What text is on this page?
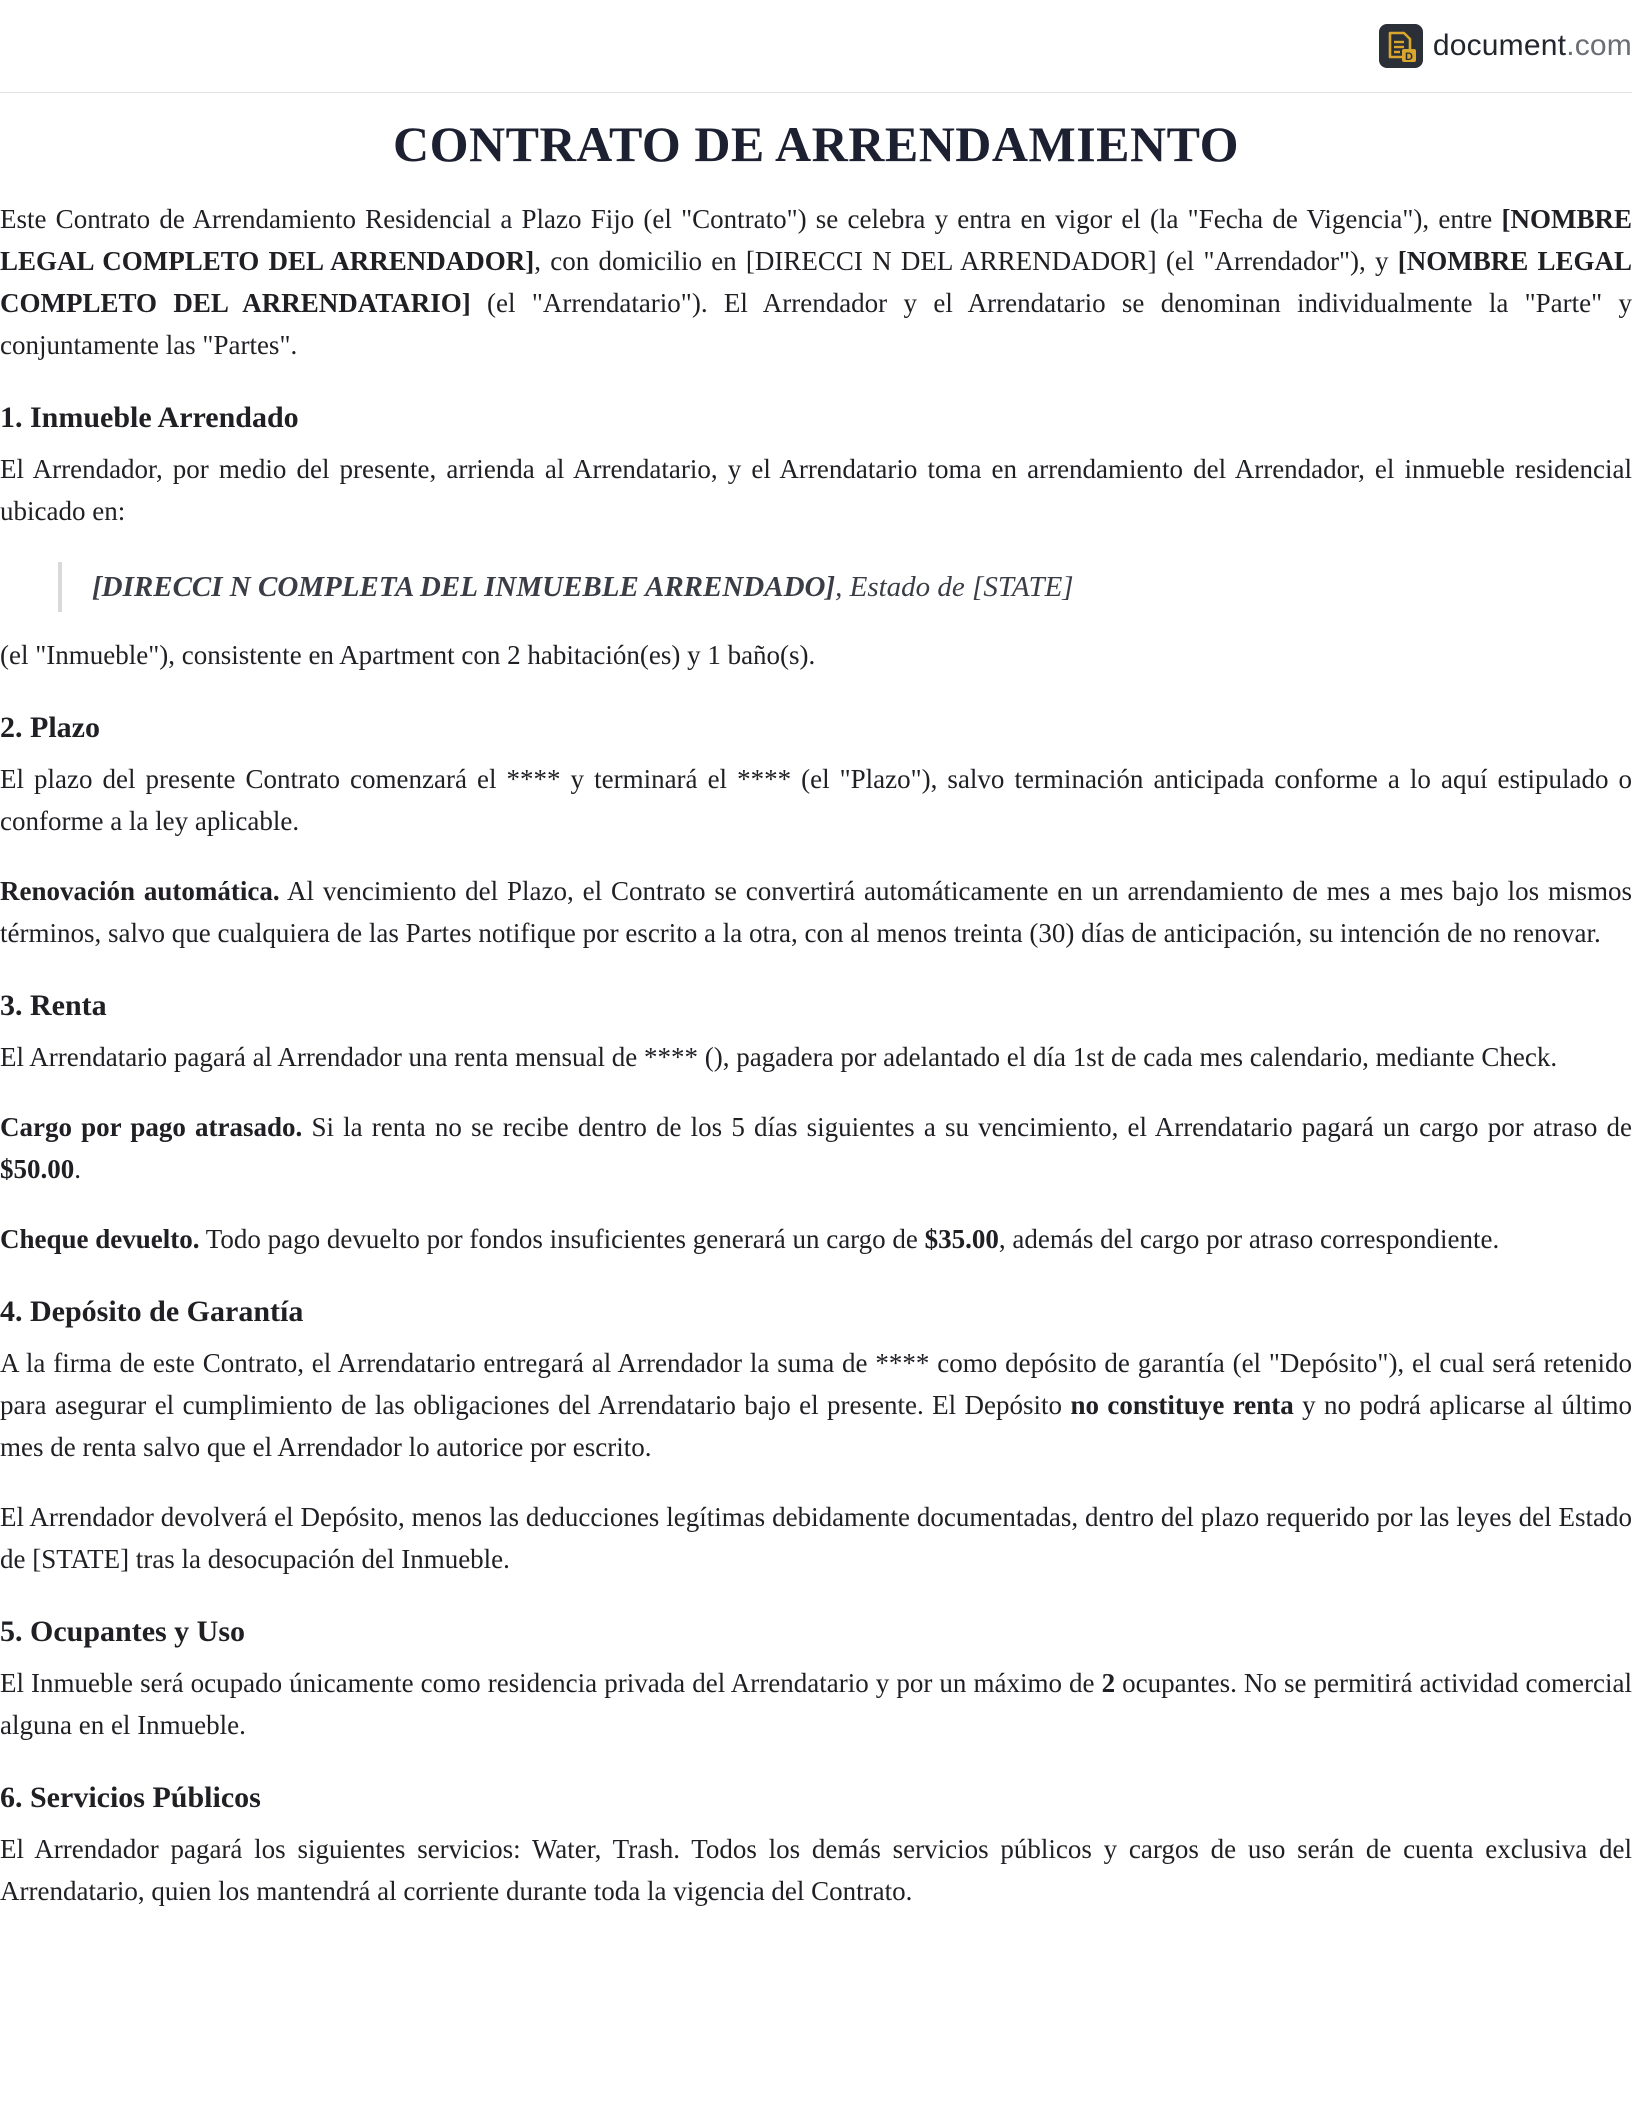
D document.com
CONTRATO DE ARRENDAMIENTO

Este Contrato de Arrendamiento Residencial a Plazo Fijo (el "Contrato") se celebra y entra en vigor el (la "Fecha de Vigencia"), entre [NOMBRE LEGAL COMPLETO DEL ARRENDADOR], con domicilio en [DIRECCI N DEL ARRENDADOR] (el "Arrendador"), y [NOMBRE LEGAL COMPLETO DEL ARRENDATARIO] (el "Arrendatario"). El Arrendador y el Arrendatario se denominan individualmente la "Parte" y conjuntamente las "Partes".

1. Inmueble Arrendado

El Arrendador, por medio del presente, arrienda al Arrendatario, y el Arrendatario toma en arrendamiento del Arrendador, el inmueble residencial ubicado en:

[DIRECCI N COMPLETA DEL INMUEBLE ARRENDADO], Estado de [STATE]

(el "Inmueble"), consistente en Apartment con 2 habitación(es) y 1 baño(s).

2. Plazo

El plazo del presente Contrato comenzará el **** y terminará el **** (el "Plazo"), salvo terminación anticipada conforme a lo aquí estipulado o conforme a la ley aplicable.

Renovación automática. Al vencimiento del Plazo, el Contrato se convertirá automáticamente en un arrendamiento de mes a mes bajo los mismos términos, salvo que cualquiera de las Partes notifique por escrito a la otra, con al menos treinta (30) días de anticipación, su intención de no renovar.

3. Renta

El Arrendatario pagará al Arrendador una renta mensual de **** (), pagadera por adelantado el día 1st de cada mes calendario, mediante Check.

Cargo por pago atrasado. Si la renta no se recibe dentro de los 5 días siguientes a su vencimiento, el Arrendatario pagará un cargo por atraso de $50.00.

Cheque devuelto. Todo pago devuelto por fondos insuficientes generará un cargo de $35.00, además del cargo por atraso correspondiente.

4. Depósito de Garantía

A la firma de este Contrato, el Arrendatario entregará al Arrendador la suma de **** como depósito de garantía (el "Depósito"), el cual será retenido para asegurar el cumplimiento de las obligaciones del Arrendatario bajo el presente. El Depósito no constituye renta y no podrá aplicarse al último mes de renta salvo que el Arrendador lo autorice por escrito.

El Arrendador devolverá el Depósito, menos las deducciones legítimas debidamente documentadas, dentro del plazo requerido por las leyes del Estado de [STATE] tras la desocupación del Inmueble.

5. Ocupantes y Uso

El Inmueble será ocupado únicamente como residencia privada del Arrendatario y por un máximo de 2 ocupantes. No se permitirá actividad comercial alguna en el Inmueble.

6. Servicios Públicos

El Arrendador pagará los siguientes servicios: Water, Trash. Todos los demás servicios públicos y cargos de uso serán de cuenta exclusiva del Arrendatario, quien los mantendrá al corriente durante toda la vigencia del Contrato.
